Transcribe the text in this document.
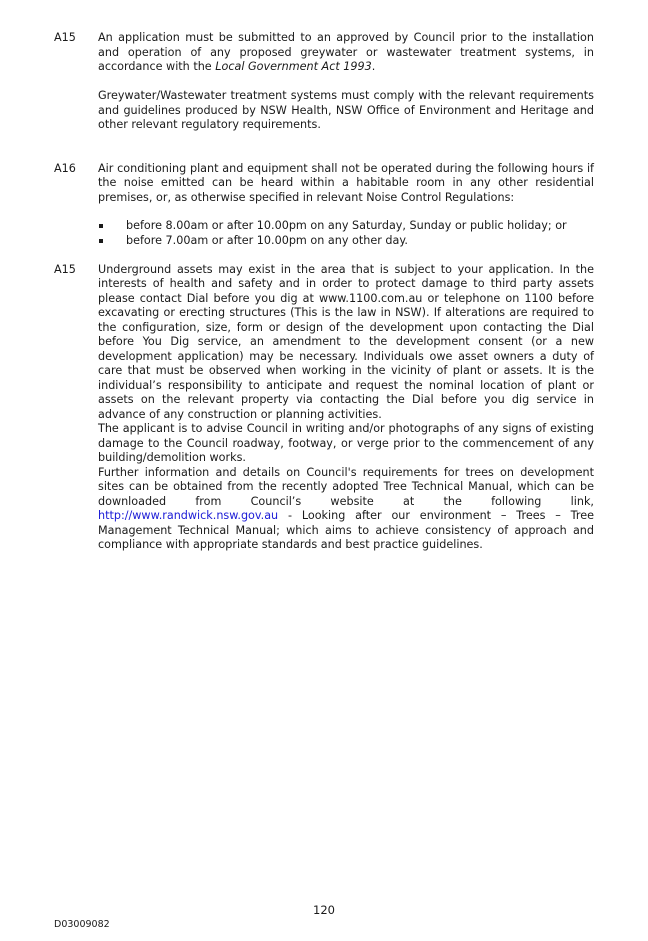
A15	An application must be submitted to an approved by Council prior to the installation and operation of any proposed greywater or wastewater treatment systems, in accordance with the Local Government Act 1993.

Greywater/Wastewater treatment systems must comply with the relevant requirements and guidelines produced by NSW Health, NSW Office of Environment and Heritage and other relevant regulatory requirements.

A16	Air conditioning plant and equipment shall not be operated during the following hours if the noise emitted can be heard within a habitable room in any other residential premises, or, as otherwise specified in relevant Noise Control Regulations:

before 8.00am or after 10.00pm on any Saturday, Sunday or public holiday; or
before 7.00am or after 10.00pm on any other day.
A15	Underground assets may exist in the area that is subject to your application. In the interests of health and safety and in order to protect damage to third party assets please contact Dial before you dig at www.1100.com.au or telephone on 1100 before excavating or erecting structures (This is the law in NSW). If alterations are required to the configuration, size, form or design of the development upon contacting the Dial before You Dig service, an amendment to the development consent (or a new development application) may be necessary. Individuals owe asset owners a duty of care that must be observed when working in the vicinity of plant or assets. It is the individual’s responsibility to anticipate and request the nominal location of plant or assets on the relevant property via contacting the Dial before you dig service in advance of any construction or planning activities.

The applicant is to advise Council in writing and/or photographs of any signs of existing damage to the Council roadway, footway, or verge prior to the commencement of any building/demolition works.

Further information and details on Council's requirements for trees on development sites can be obtained from the recently adopted Tree Technical Manual, which can be downloaded from Council’s website at the following link, http://www.randwick.nsw.gov.au - Looking after our environment – Trees – Tree Management Technical Manual; which aims to achieve consistency of approach and compliance with appropriate standards and best practice guidelines.

120
D03009082
